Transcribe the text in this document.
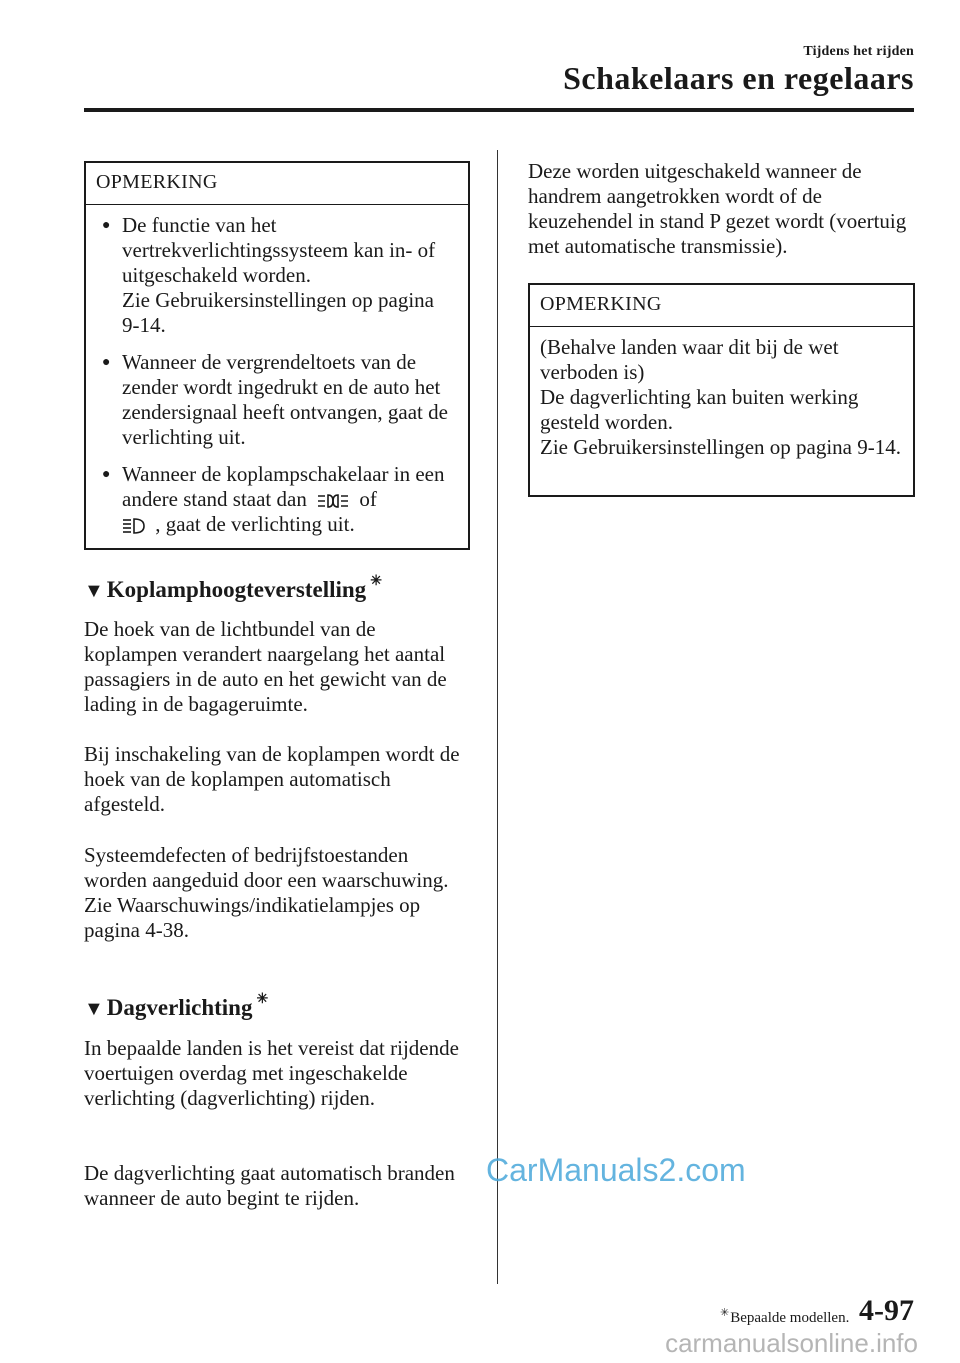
Tijdens het rijden
Schakelaars en regelaars
OPMERKING
● De functie van het vertrekverlichtingssysteem kan in- of uitgeschakeld worden.
Zie Gebruikersinstellingen op pagina 9-14.
● Wanneer de vergrendeltoets van de zender wordt ingedrukt en de auto het zendersignaal heeft ontvangen, gaat de verlichting uit.
● Wanneer de koplampschakelaar in een andere stand staat dan	of
, gaat de verlichting uit.
▼ Koplamphoogteverstelling ✳
De hoek van de lichtbundel van de koplampen verandert naargelang het aantal passagiers in de auto en het gewicht van de lading in de bagageruimte.
Bij inschakeling van de koplampen wordt de hoek van de koplampen automatisch afgesteld.
Systeemdefecten of bedrijfstoestanden worden aangeduid door een waarschuwing.
Zie Waarschuwings/indikatielampjes op pagina 4-38.
▼ Dagverlichting ✳
In bepaalde landen is het vereist dat rijdende voertuigen overdag met ingeschakelde verlichting (dagverlichting) rijden.
De dagverlichting gaat automatisch branden wanneer de auto begint te rijden.
Deze worden uitgeschakeld wanneer de handrem aangetrokken wordt of de keuzehendel in stand P gezet wordt (voertuig met automatische transmissie).
OPMERKING
(Behalve landen waar dit bij de wet verboden is)
De dagverlichting kan buiten werking gesteld worden.
Zie Gebruikersinstellingen op pagina 9-14.
CarManuals2.com
✳ Bepaalde modellen. 4-97
carmanualsonline.info
